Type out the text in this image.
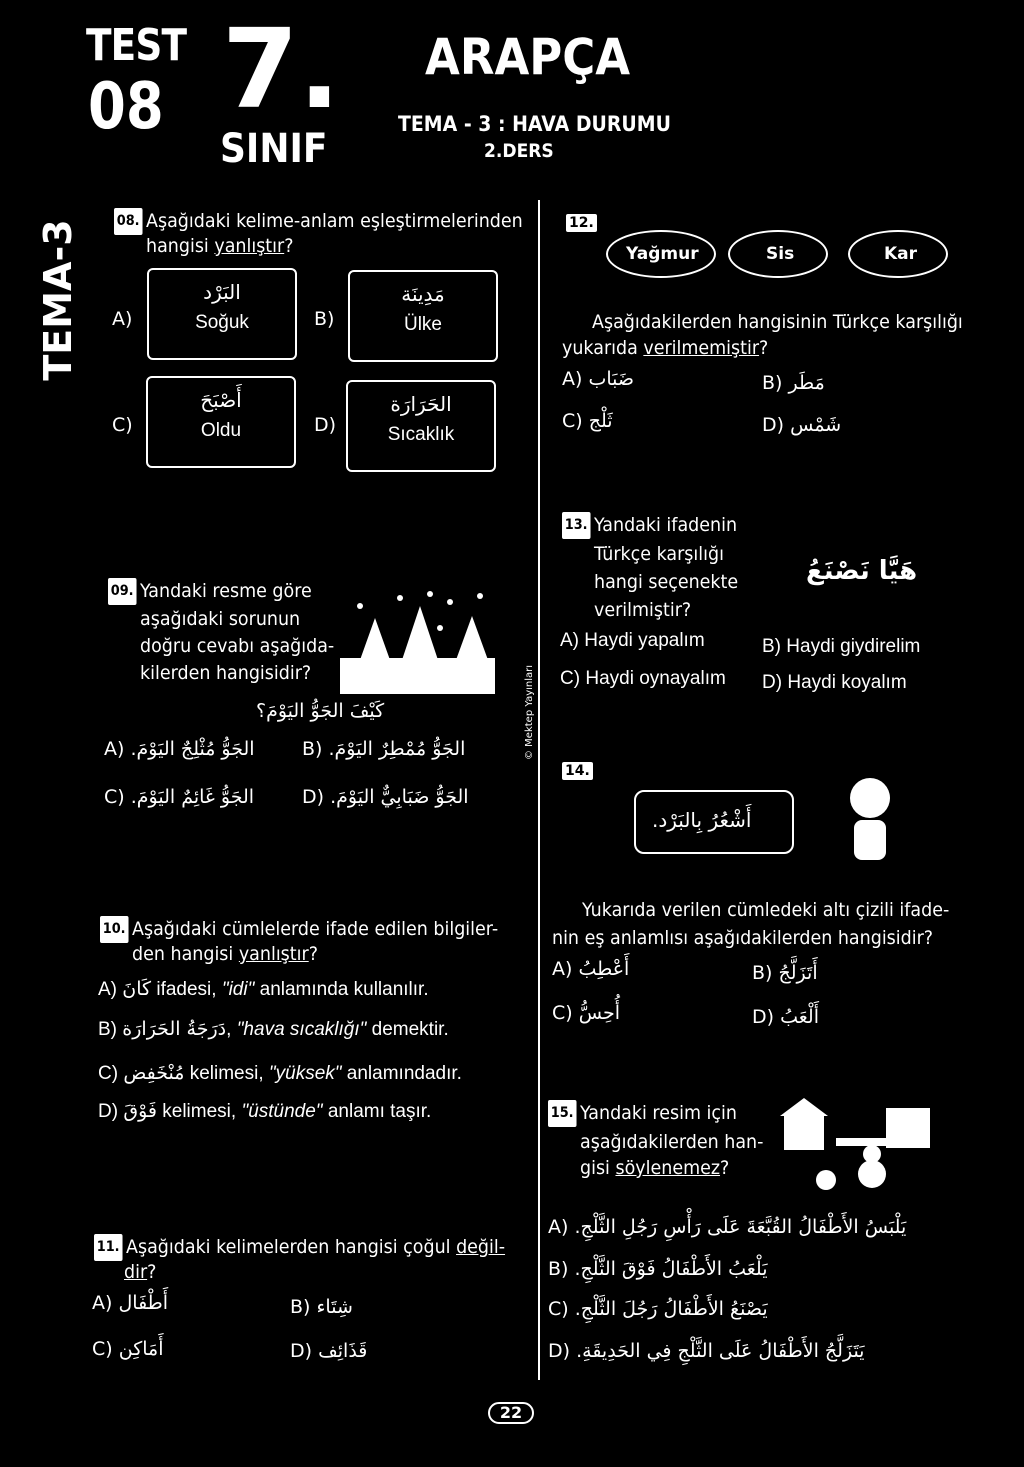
TEST
08 7.
SINIF
ARAPÇA
TEMA - 3 : HAVA DURUMU
2.DERS
TEMA-3
© Mektep Yayınları
08. Aşağıdaki kelime-anlam eşleştirmelerinden
hangisi yanlıştır?
A)
البَرْد
Soğuk	B)
مَدِينَة
Ülke
C)
أَصْبَحَ
Oldu	D)
الحَرَارَة
Sıcaklık
09. Yandaki resme göre
aşağıdaki sorunun
doğru cevabı aşağıda-
kilerden hangisidir?
كَيْفَ الجَوُّ اليَوْمَ؟
A) الجَوُّ مُثْلِجٌ اليَوْمَ. B) الجَوُّ مُمْطِرٌ اليَوْمَ.
C) الجَوُّ غَائِمٌ اليَوْمَ.	D) الجَوُّ ضَبَابِيٌّ اليَوْمَ.
10. Aşağıdaki cümlelerde ifade edilen bilgiler-
den hangisi yanlıştır?
A) كَانَ ifadesi, "idi" anlamında kullanılır.
B) دَرَجَةُ الحَرَارَة, "hava sıcaklığı" demektir.
C) مُنْخَفِض kelimesi, "yüksek" anlamındadır.
D) فَوْقَ kelimesi, "üstünde" anlamı taşır.
11. Aşağıdaki kelimelerden hangisi çoğul değil-
dir?
A) أَطْفَال	B) شِتَاء
C) أَمَاكِن	D) قَذَائِف
12.
Yağmur	Sis	Kar
Aşağıdakilerden hangisinin Türkçe karşılığı
yukarıda verilmemiştir?
A) ضَبَاب	B) مَطَر
C) ثَلْج	D) شَمْس
13. Yandaki ifadenin
Türkçe karşılığı
hangi seçenekte
verilmiştir?
هَيَّا نَصْنَعُ
A) Haydi yapalım	B) Haydi giydirelim
C) Haydi oynayalım D) Haydi koyalım
14.
أَشْعُرُ بِالبَرْد.
Yukarıda verilen cümledeki altı çizili ifade-
nin eş anlamlısı aşağıdakilerden hangisidir?
A) أَعْطِبُ	B) أَتَزَلَّجُ
C) أُحِسُّ	D) أَلْعَبُ
15. Yandaki resim için
aşağıdakilerden han-
gisi söylenemez?
A) يَلْبَسُ الأَطْفَالُ القُبَّعَةَ عَلَى رَأْسِ رَجُلِ الثَّلْجِ.
B) يَلْعَبُ الأَطْفَالُ فَوْقَ الثَّلْجِ.
C) يَصْنَعُ الأَطْفَالُ رَجُلَ الثَّلْجِ.
D) يَتَزَلَّجُ الأَطْفَالُ عَلَى الثَّلْجِ فِي الحَدِيقَةِ.
22
